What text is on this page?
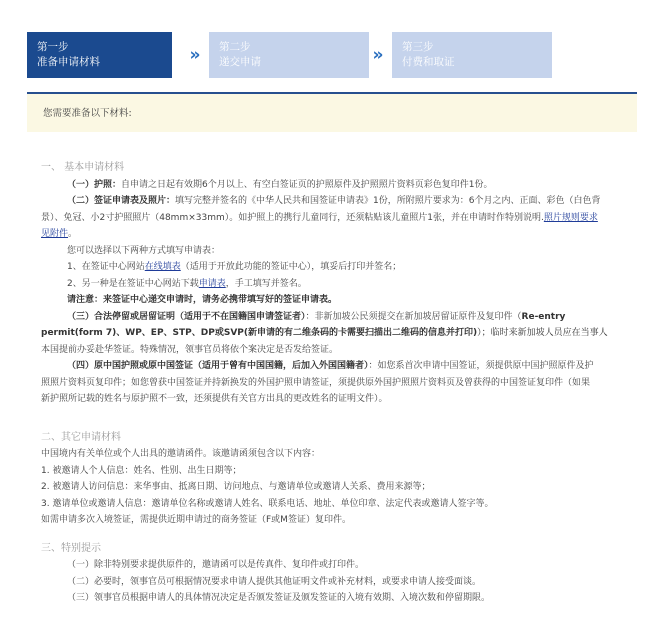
第一步
准备申请材料	» 第二步
递交申请	» 第三步
付费和取证
您需要准备以下材料:

一、 基本申请材料

（一）护照：自申请之日起有效期6个月以上、有空白签证页的护照原件及护照照片资料页彩色复印件1份。

（二）签证申请表及照片：填写完整并签名的《中华人民共和国签证申请表》1份，所附照片要求为：6个月之内、正面、彩色（白色背

景）、免冠、小2寸护照照片（48mm×33mm）。如护照上的携行儿童同行，还须粘贴该儿童照片1张，并在申请时作特别说明.照片规则要求

见附件。

您可以选择以下两种方式填写申请表：

1、在签证中心网站在线填表（适用于开放此功能的签证中心），填妥后打印并签名；

2、另一种是在签证中心网站下载申请表，手工填写并签名。

请注意：来签证中心递交申请时，请务必携带填写好的签证申请表。

（三）合法停留或居留证明（适用于不在国籍国申请签证者）：非新加坡公民须提交在新加坡居留证原件及复印件（Re-entry

permit(form 7)、WP、EP、STP、DP或SVP(新申请的有二维条码的卡需要扫描出二维码的信息并打印)）；临时来新加坡人员应在当事人

本国提前办妥赴华签证。特殊情况，领事官员将依个案决定是否发给签证。

（四）原中国护照或原中国签证（适用于曾有中国国籍，后加入外国国籍者）：如您系首次申请中国签证，须提供原中国护照原件及护

照照片资料页复印件；如您曾获中国签证并持新换发的外国护照申请签证，须提供原外国护照照片资料页及曾获得的中国签证复印件（如果

新护照所记载的姓名与原护照不一致，还须提供有关官方出具的更改姓名的证明文件）。

二、其它申请材料

中国境内有关单位或个人出具的邀请函件。该邀请函须包含以下内容：

1. 被邀请人个人信息：姓名、性别、出生日期等；

2. 被邀请人访问信息：来华事由、抵离日期、访问地点、与邀请单位或邀请人关系、费用来源等；

3. 邀请单位或邀请人信息：邀请单位名称或邀请人姓名、联系电话、地址、单位印章、法定代表或邀请人签字等。

如需申请多次入境签证，需提供近期申请过的商务签证（F或M签证）复印件。

三、特别提示

（一）除非特别要求提供原件的，邀请函可以是传真件、复印件或打印件。

（二）必要时，领事官员可根据情况要求申请人提供其他证明文件或补充材料，或要求申请人接受面谈。

（三）领事官员根据申请人的具体情况决定是否颁发签证及颁发签证的入境有效期、入境次数和停留期限。
